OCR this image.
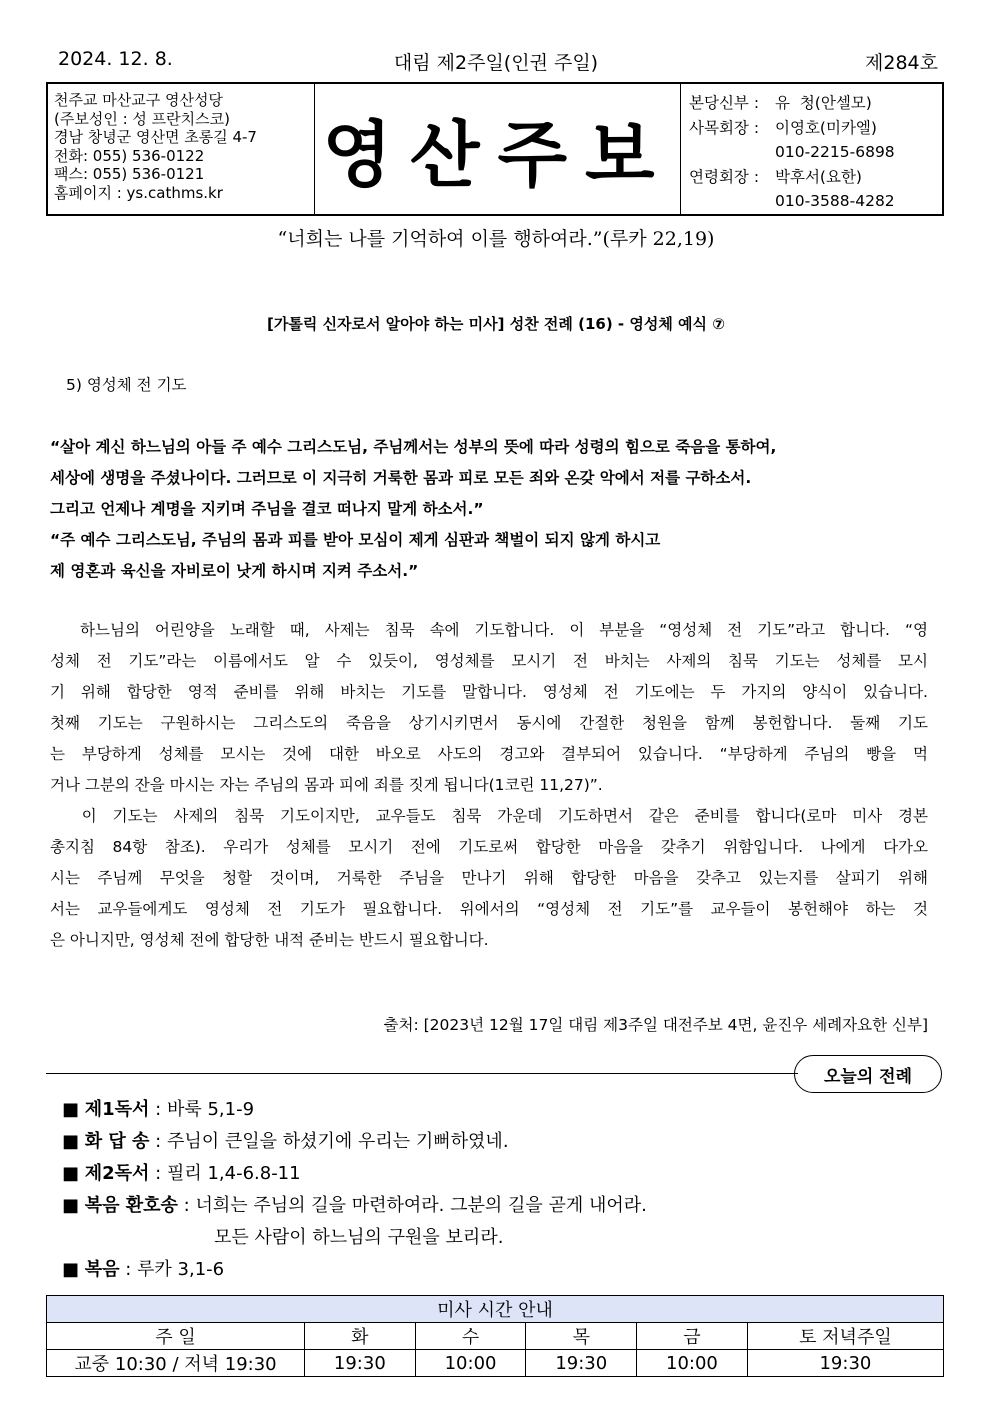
2024. 12. 8.	대림 제2주일(인권 주일)	제284호
천주교 마산교구 영산성당
(주보성인 : 성 프란치스코)
경남 창녕군 영산면 초롱길 4-7
전화: 055) 536-0122
팩스: 055) 536-0121
홈페이지 : ys.cathms.kr	영산주보
본당신부 :	유  청(안셀모)
사목회장 :	이영호(미카엘)
010-2215-6898
연령회장 :	박후서(요한)
010-3588-4282
“너희는 나를 기억하여 이를 행하여라.”(루카 22,19)
[가톨릭 신자로서 알아야 하는 미사] 성찬 전례 (16) - 영성체 예식 ⑦
5) 영성체 전 기도
“살아 계신 하느님의 아들 주 예수 그리스도님, 주님께서는 성부의 뜻에 따라 성령의 힘으로 죽음을 통하여,
세상에 생명을 주셨나이다. 그러므로 이 지극히 거룩한 몸과 피로 모든 죄와 온갖 악에서 저를 구하소서.
그리고 언제나 계명을 지키며 주님을 결코 떠나지 말게 하소서.”
“주 예수 그리스도님, 주님의 몸과 피를 받아 모심이 제게 심판과 책벌이 되지 않게 하시고
제 영혼과 육신을 자비로이 낫게 하시며 지켜 주소서.”
하느님의 어린양을 노래할 때, 사제는 침묵 속에 기도합니다. 이 부분을 “영성체 전 기도”라고 합니다. “영
성체 전 기도”라는 이름에서도 알 수 있듯이, 영성체를 모시기 전 바치는 사제의 침묵 기도는 성체를 모시
기 위해 합당한 영적 준비를 위해 바치는 기도를 말합니다. 영성체 전 기도에는 두 가지의 양식이 있습니다.
첫째 기도는 구원하시는 그리스도의 죽음을 상기시키면서 동시에 간절한 청원을 함께 봉헌합니다. 둘째 기도
는 부당하게 성체를 모시는 것에 대한 바오로 사도의 경고와 결부되어 있습니다. “부당하게 주님의 빵을 먹
거나 그분의 잔을 마시는 자는 주님의 몸과 피에 죄를 짓게 됩니다(1코린 11,27)”.
이 기도는 사제의 침묵 기도이지만, 교우들도 침묵 가운데 기도하면서 같은 준비를 합니다(로마 미사 경본
총지침 84항 참조). 우리가 성체를 모시기 전에 기도로써 합당한 마음을 갖추기 위함입니다. 나에게 다가오
시는 주님께 무엇을 청할 것이며, 거룩한 주님을 만나기 위해 합당한 마음을 갖추고 있는지를 살피기 위해
서는 교우들에게도 영성체 전 기도가 필요합니다. 위에서의 “영성체 전 기도”를 교우들이 봉헌해야 하는 것
은 아니지만, 영성체 전에 합당한 내적 준비는 반드시 필요합니다.
출처: [2023년 12월 17일 대림 제3주일 대전주보 4면, 윤진우 세례자요한 신부]
오늘의 전례
■ 제1독서 : 바룩 5,1-9
■ 화 답 송 : 주님이 큰일을 하셨기에 우리는 기뻐하였네.
■ 제2독서 : 필리 1,4-6.8-11
■ 복음 환호송 : 너희는 주님의 길을 마련하여라. 그분의 길을 곧게 내어라.
모든 사람이 하느님의 구원을 보리라.
■ 복음 : 루카 3,1-6
미사 시간 안내					
주 일	화	수	목	금	토 저녁주일
교중 10:30 / 저녁 19:30	19:30	10:00	19:30	10:00	19:30
